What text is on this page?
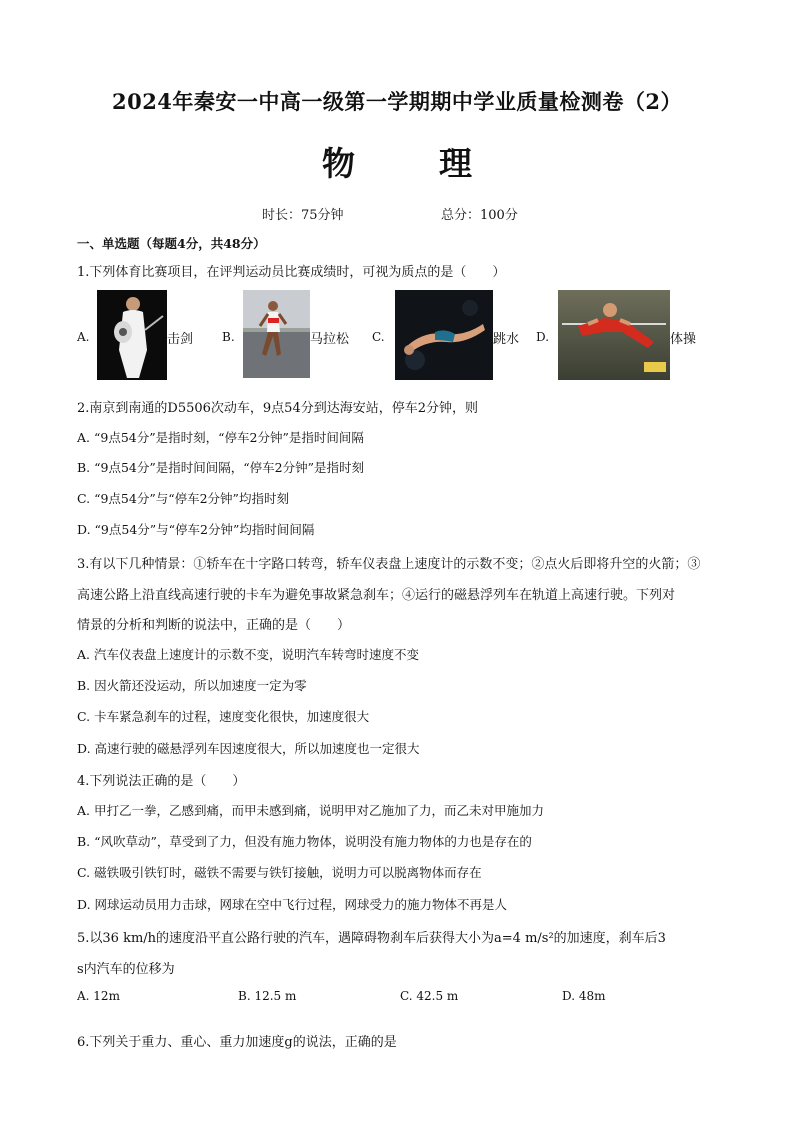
2024年秦安一中高一级第一学期期中学业质量检测卷（2）
物	理
时长：75分钟	总分：100分
一、单选题（每题4分，共48分）
1.下列体育比赛项目，在评判运动员比赛成绩时，可视为质点的是（　　）
A.	击剑 B.	马拉松 C.	跳水 D.	体操
2.南京到南通的D5506次动车，9点54分到达海安站，停车2分钟，则
A. “9点54分”是指时刻，“停车2分钟”是指时间间隔
B. “9点54分”是指时间间隔，“停车2分钟”是指时刻
C. “9点54分”与“停车2分钟”均指时刻
D. “9点54分”与“停车2分钟”均指时间间隔
3.有以下几种情景：①轿车在十字路口转弯，轿车仪表盘上速度计的示数不变；②点火后即将升空的火箭；③
高速公路上沿直线高速行驶的卡车为避免事故紧急刹车；④运行的磁悬浮列车在轨道上高速行驶。下列对
情景的分析和判断的说法中，正确的是（　　）
A. 汽车仪表盘上速度计的示数不变，说明汽车转弯时速度不变
B. 因火箭还没运动，所以加速度一定为零
C. 卡车紧急刹车的过程，速度变化很快，加速度很大
D. 高速行驶的磁悬浮列车因速度很大，所以加速度也一定很大
4.下列说法正确的是（　　）
A. 甲打乙一拳，乙感到痛，而甲未感到痛，说明甲对乙施加了力，而乙未对甲施加力
B. “风吹草动”，草受到了力，但没有施力物体，说明没有施力物体的力也是存在的
C. 磁铁吸引铁钉时，磁铁不需要与铁钉接触，说明力可以脱离物体而存在
D. 网球运动员用力击球，网球在空中飞行过程，网球受力的施力物体不再是人
5.以36 km/h的速度沿平直公路行驶的汽车，遇障碍物刹车后获得大小为a=4 m/s²的加速度，刹车后3
s内汽车的位移为
A. 12m	B. 12.5 m	C. 42.5 m	D. 48m
6.下列关于重力、重心、重力加速度g的说法，正确的是
